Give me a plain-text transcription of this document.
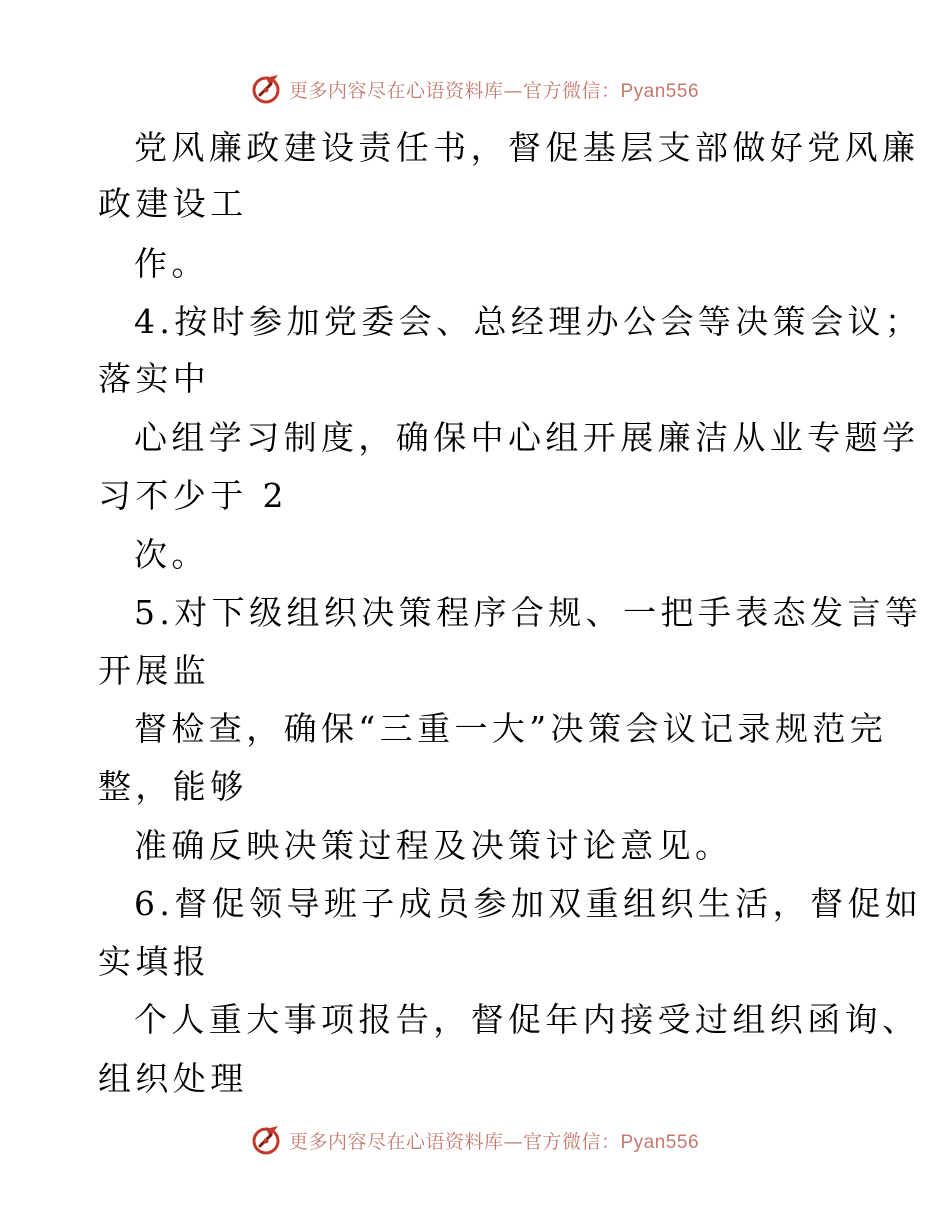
更多内容尽在心语资料库—官方微信：Pyan556
党风廉政建设责任书，督促基层支部做好党风廉
政建设工
作。
4.按时参加党委会、总经理办公会等决策会议；
落实中
心组学习制度，确保中心组开展廉洁从业专题学
习不少于 2
次。
5.对下级组织决策程序合规、一把手表态发言等
开展监
督检查，确保“三重一大”决策会议记录规范完
整，能够
准确反映决策过程及决策讨论意见。
6.督促领导班子成员参加双重组织生活，督促如
实填报
个人重大事项报告，督促年内接受过组织函询、
组织处理
更多内容尽在心语资料库—官方微信：Pyan556
